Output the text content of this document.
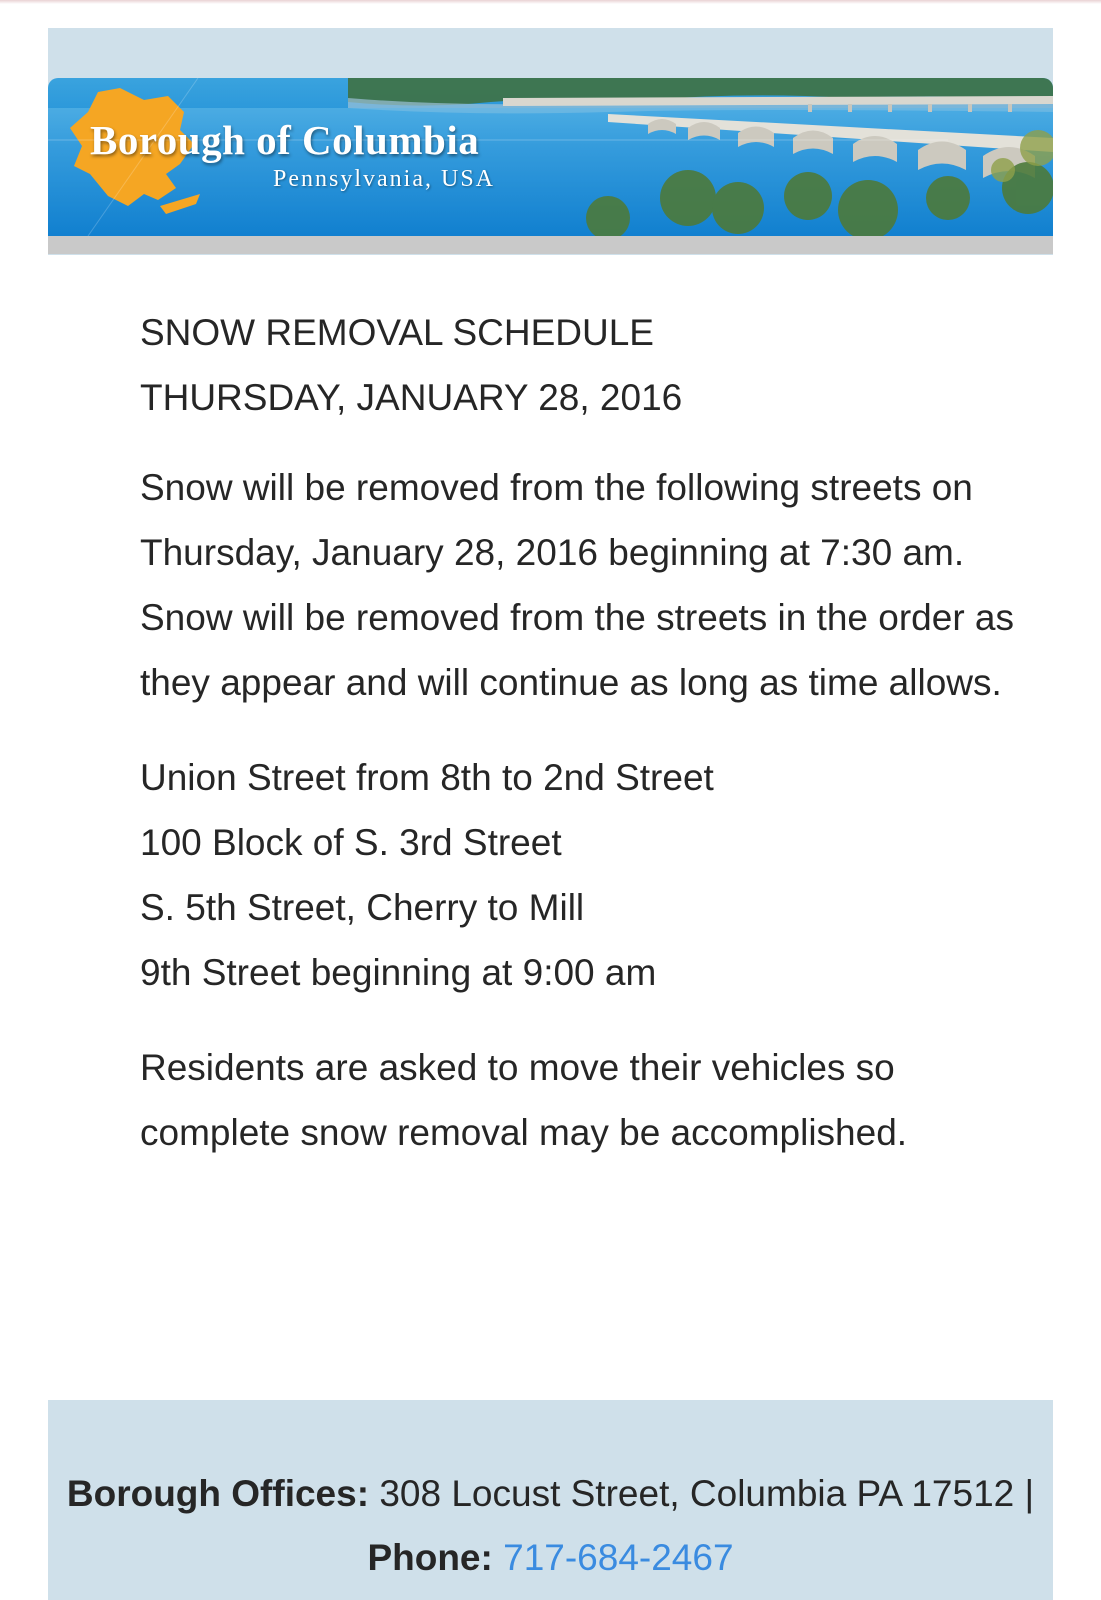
Borough of Columbia
Pennsylvania, USA

SNOW REMOVAL SCHEDULE
THURSDAY, JANUARY 28, 2016

Snow will be removed from the following streets on Thursday, January 28, 2016 beginning at 7:30 am. Snow will be removed from the streets in the order as they appear and will continue as long as time allows.

Union Street from 8th to 2nd Street
100 Block of S. 3rd Street
S. 5th Street, Cherry to Mill
9th Street beginning at 9:00 am

Residents are asked to move their vehicles so complete snow removal may be accomplished.

Borough Offices: 308 Locust Street, Columbia PA 17512 | Phone: 717-684-2467
